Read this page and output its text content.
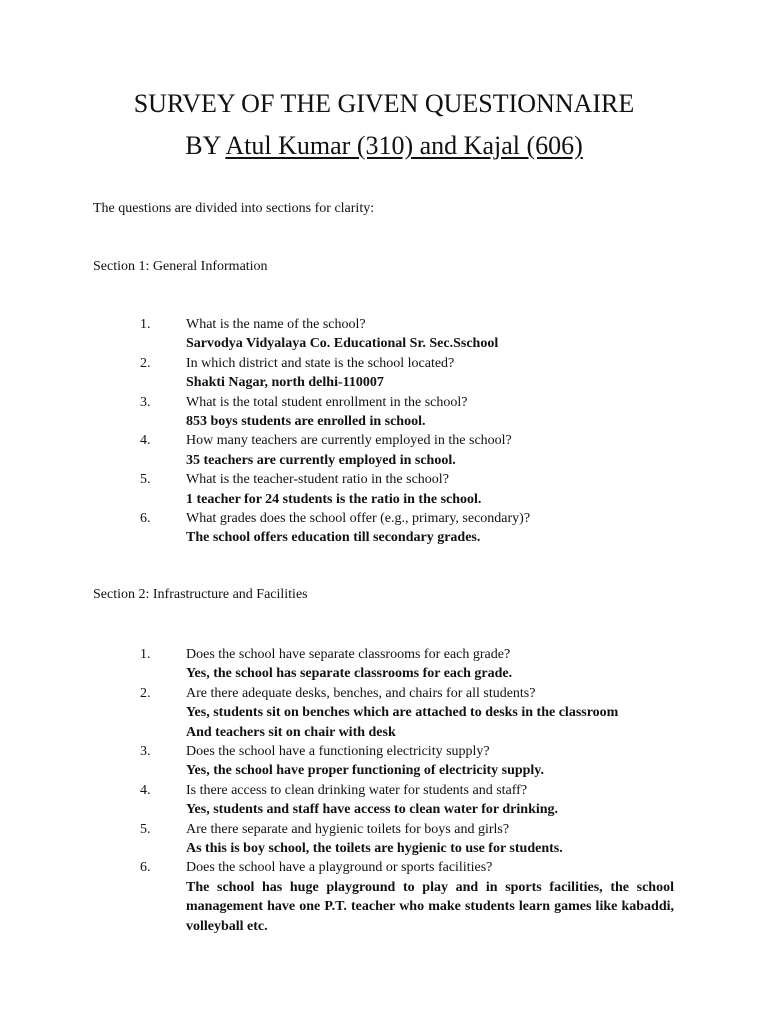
SURVEY OF THE GIVEN QUESTIONNAIRE
BY Atul Kumar (310) and Kajal (606)
The questions are divided into sections for clarity:
Section 1: General Information
1.	What is the name of the school?
Sarvodya Vidyalaya Co. Educational Sr. Sec.Sschool
2.	In which district and state is the school located?
Shakti Nagar, north delhi-110007
3.	What is the total student enrollment in the school?
853 boys students are enrolled in school.
4.	How many teachers are currently employed in the school?
35 teachers are currently employed in school.
5.	What is the teacher-student ratio in the school?
1 teacher for 24 students is the ratio in the school.
6.	What grades does the school offer (e.g., primary, secondary)?
The school offers education till secondary grades.
Section 2: Infrastructure and Facilities
1.	Does the school have separate classrooms for each grade?
Yes, the school has separate classrooms for each grade.
2.	Are there adequate desks, benches, and chairs for all students?
Yes, students sit on benches which are attached to desks in the classroom
And teachers sit on chair with desk
3.	Does the school have a functioning electricity supply?
Yes, the school have proper functioning of electricity supply.
4.	Is there access to clean drinking water for students and staff?
Yes, students and staff have access to clean water for drinking.
5.	Are there separate and hygienic toilets for boys and girls?
As this is boy school, the toilets are hygienic to use for students.
6.	Does the school have a playground or sports facilities?
The school has huge playground to play and in sports facilities, the school management have one P.T. teacher who make students learn games like kabaddi, volleyball etc.
